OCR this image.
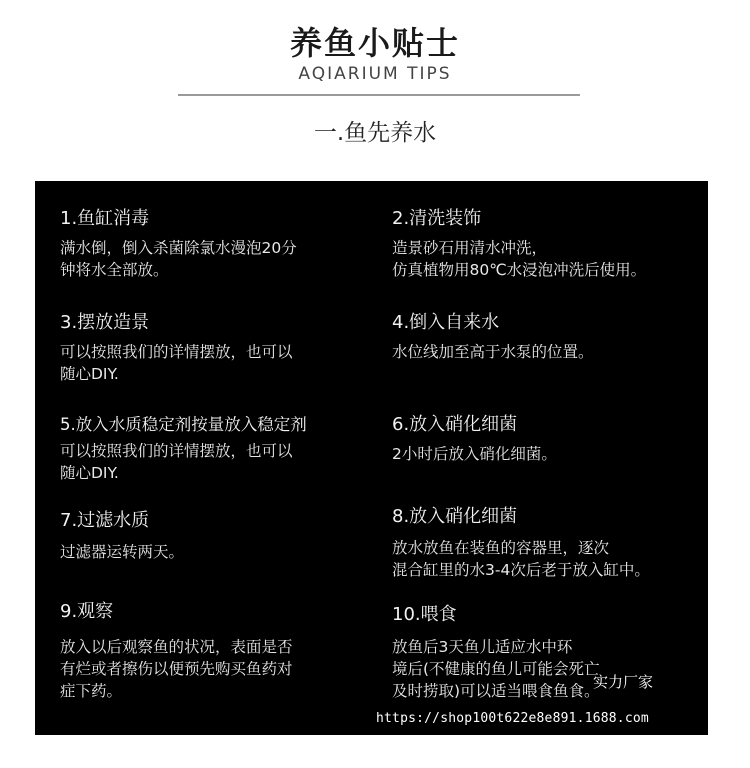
养鱼小贴士
AQIARIUM TIPS
一.鱼先养水
1.鱼缸消毒
满水倒，倒入杀菌除氯水漫泡20分
钟将水全部放。
3.摆放造景
可以按照我们的详情摆放，也可以
随心DIY.
5.放入水质稳定剂按量放入稳定剂
可以按照我们的详情摆放，也可以
随心DIY.
7.过滤水质
过滤器运转两天。
9.观察
放入以后观察鱼的状况，表面是否
有烂或者擦伤以便预先购买鱼药对
症下药。
2.清洗装饰
造景砂石用清水冲洗，
仿真植物用80℃水浸泡冲洗后使用。
4.倒入自来水
水位线加至高于水泵的位置。
6.放入硝化细菌
2小时后放入硝化细菌。
8.放入硝化细菌
放水放鱼在装鱼的容器里，逐次
混合缸里的水3-4次后老于放入缸中。
10.喂食
放鱼后3天鱼儿适应水中环
境后(不健康的鱼儿可能会死亡
及时捞取)可以适当喂食鱼食。
实力厂家
https://shop100t622e8e891.1688.com
